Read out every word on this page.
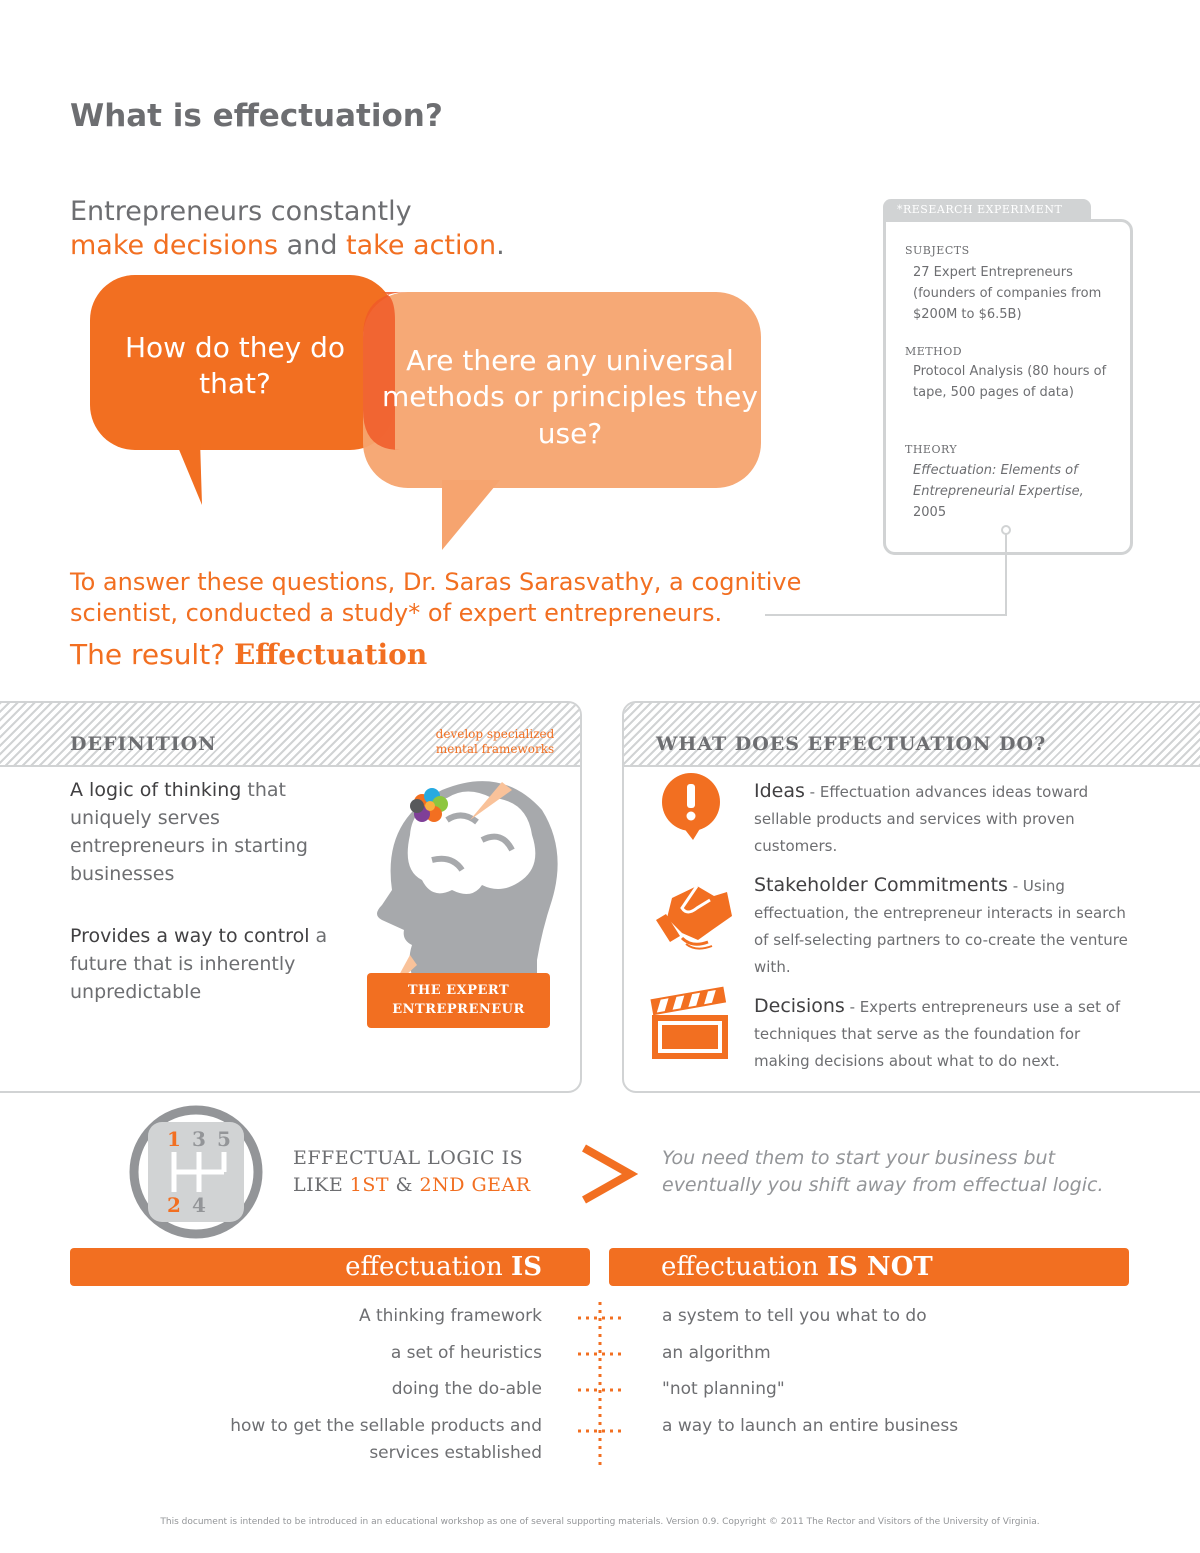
What is effectuation?
Entrepreneurs constantly
make decisions and take action.
How do they do that?
Are there any universal methods or principles they use?
*RESEARCH EXPERIMENT
SUBJECTS
27 Expert Entrepreneurs (founders of companies from $200M to $6.5B)
METHOD
Protocol Analysis (80 hours of tape, 500 pages of data)
THEORY
Effectuation: Elements of Entrepreneurial Expertise,
2005
To answer these questions, Dr. Saras Sarasvathy, a cognitive scientist, conducted a study* of expert entrepreneurs.
The result? Effectuation
DEFINITION
A logic of thinking that uniquely serves entrepreneurs in starting businesses
Provides a way to control a future that is inherently unpredictable
develop specialized mental frameworks
THE EXPERT
ENTREPRENEUR
WHAT DOES EFFECTUATION DO?
Ideas - Effectuation advances ideas toward sellable products and services with proven customers.
Stakeholder Commitments - Using effectuation, the entrepreneur interacts in search of self-selecting partners to co-create the venture with.
Decisions - Experts entrepreneurs use a set of techniques that serve as the foundation for making decisions about what to do next.
1 3 5
2 4
EFFECTUAL LOGIC IS
LIKE 1ST & 2ND GEAR
You need them to start your business but eventually you shift away from effectual logic.
effectuation IS	effectuation IS NOT
A thinking framework
a set of heuristics
doing the do-able
how to get the sellable products and services established
a system to tell you what to do
an algorithm
"not planning"
a way to launch an entire business
This document is intended to be introduced in an educational workshop as one of several supporting materials. Version 0.9. Copyright © 2011 The Rector and Visitors of the University of Virginia.
